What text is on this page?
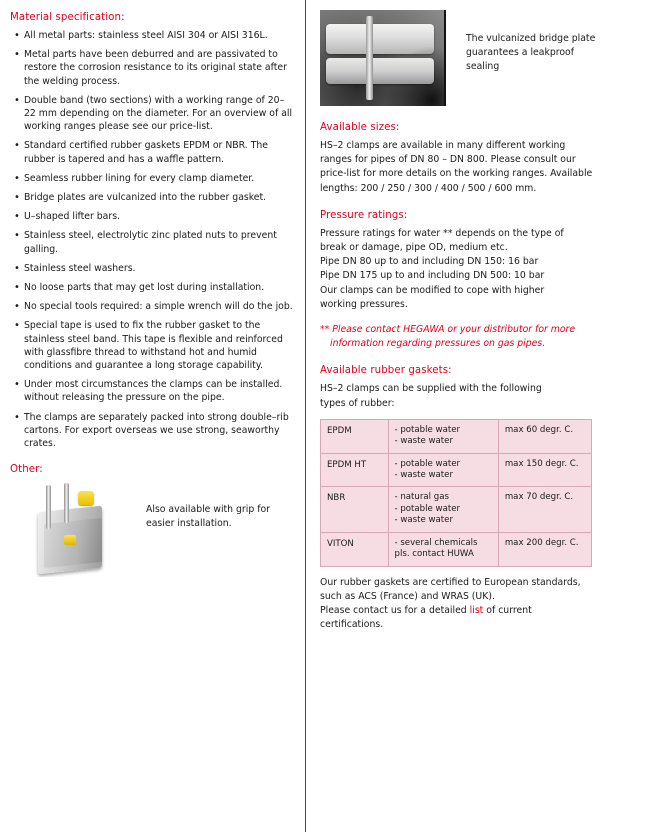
Material specification:
• All metal parts: stainless steel AISI 304 or AISI 316L.
• Metal parts have been deburred and are passivated to restore the corrosion resistance to its original state after the welding process.
• Double band (two sections) with a working range of 20–22 mm depending on the diameter. For an overview of all working ranges please see our price-list.
• Standard certified rubber gaskets EPDM or NBR. The rubber is tapered and has a waffle pattern.
• Seamless rubber lining for every clamp diameter.
• Bridge plates are vulcanized into the rubber gasket.
• U–shaped lifter bars.
• Stainless steel, electrolytic zinc plated nuts to prevent galling.
• Stainless steel washers.
• No loose parts that may get lost during installation.
• No special tools required: a simple wrench will do the job.
• Special tape is used to fix the rubber gasket to the stainless steel band. This tape is flexible and reinforced with glassfibre thread to withstand hot and humid conditions and guarantee a long storage capability.
• Under most circumstances the clamps can be installed. without releasing the pressure on the pipe.
• The clamps are separately packed into strong double–rib cartons. For export overseas we use strong, seaworthy crates.
Other:
Also available with grip for easier installation.
The vulcanized bridge plate guarantees a leakproof sealing
Available sizes:

HS–2 clamps are available in many different working ranges for pipes of DN 80 – DN 800. Please consult our price-list for more details on the working ranges. Available lengths: 200 / 250 / 300 / 400 / 500 / 600 mm.

Pressure ratings:

Pressure ratings for water ** depends on the type of

break or damage, pipe OD, medium etc.

Pipe DN 80 up to and including DN 150: 16 bar

Pipe DN 175 up to and including DN 500: 10 bar

Our clamps can be modified to cope with higher

working pressures.

** Please contact HEGAWA or your distributor for more
information regarding pressures on gas pipes.
Available rubber gaskets:

HS–2 clamps can be supplied with the following

types of rubber:

EPDM	- potable water
- waste water	max 60 degr. C.
EPDM HT	- potable water
- waste water	max 150 degr. C.
NBR	- natural gas
- potable water
- waste water	max 70 degr. C.
VITON	- several chemicals
pls. contact HUWA	max 200 degr. C.
Our rubber gaskets are certified to European standards,
such as ACS (France) and WRAS (UK).
Please contact us for a detailed list of current
certifications.
